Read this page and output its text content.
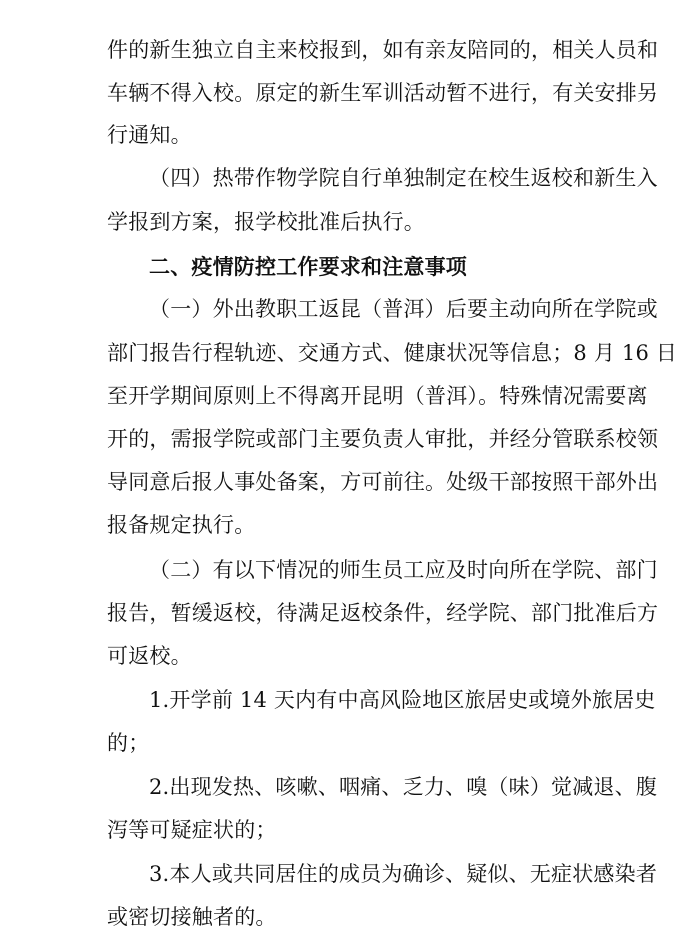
件的新生独立自主来校报到，如有亲友陪同的，相关人员和
车辆不得入校。原定的新生军训活动暂不进行，有关安排另
行通知。
（四）热带作物学院自行单独制定在校生返校和新生入
学报到方案，报学校批准后执行。
二、疫情防控工作要求和注意事项
（一）外出教职工返昆（普洱）后要主动向所在学院或
部门报告行程轨迹、交通方式、健康状况等信息；8 月 16 日
至开学期间原则上不得离开昆明（普洱）。特殊情况需要离
开的，需报学院或部门主要负责人审批，并经分管联系校领
导同意后报人事处备案，方可前往。处级干部按照干部外出
报备规定执行。
（二）有以下情况的师生员工应及时向所在学院、部门
报告，暂缓返校，待满足返校条件，经学院、部门批准后方
可返校。
1.开学前 14 天内有中高风险地区旅居史或境外旅居史
的；
2.出现发热、咳嗽、咽痛、乏力、嗅（味）觉减退、腹
泻等可疑症状的；
3.本人或共同居住的成员为确诊、疑似、无症状感染者
或密切接触者的。
